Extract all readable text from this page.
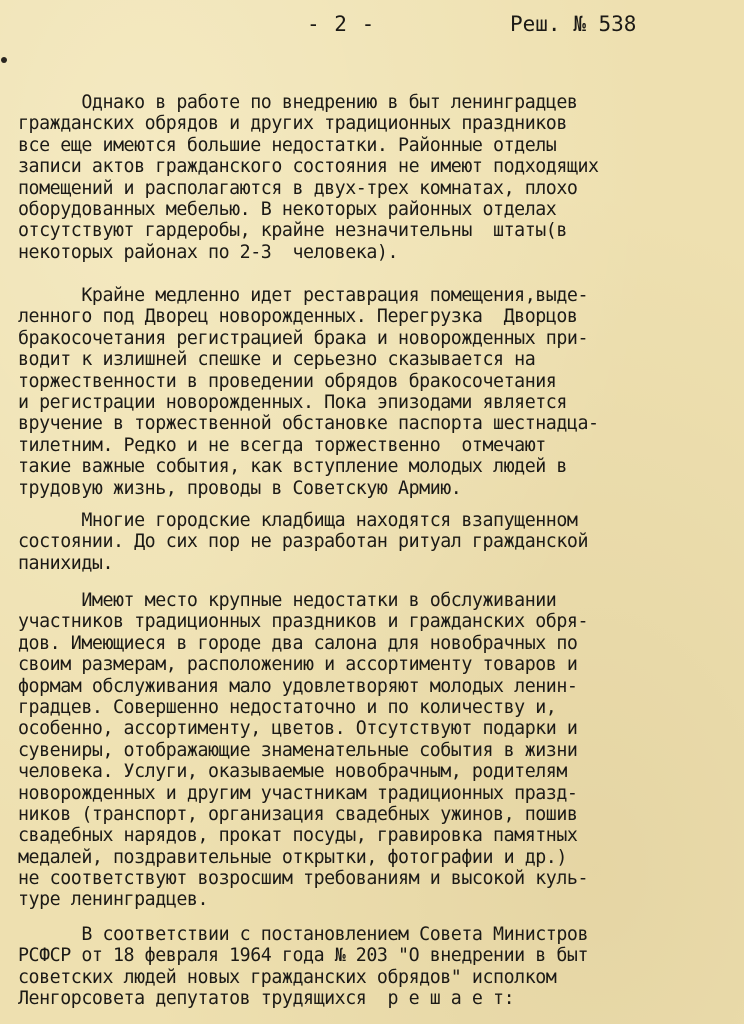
- 2 -	Реш. № 538
Однако в работе по внедрению в быт ленинградцев
гражданских обрядов и других традиционных праздников
все еще имеются большие недостатки. Районные отделы
записи актов гражданского состояния не имеют подходящих
помещений и располагаются в двух-трех комнатах, плохо
оборудованных мебелью. В некоторых районных отделах
отсутствуют гардеробы, крайне незначительны  штаты(в
некоторых районах по 2-3  человека).
Крайне медленно идет реставрация помещения,выде-
ленного под Дворец новорожденных. Перегрузка  Дворцов
бракосочетания регистрацией брака и новорожденных при-
водит к излишней спешке и серьезно сказывается на
торжественности в проведении обрядов бракосочетания
и регистрации новорожденных. Пока эпизодами является
вручение в торжественной обстановке паспорта шестнадца-
тилетним. Редко и не всегда торжественно  отмечают
такие важные события, как вступление молодых людей в
трудовую жизнь, проводы в Советскую Армию.
Многие городские кладбища находятся взапущенном
состоянии. До сих пор не разработан ритуал гражданской
панихиды.
Имеют место крупные недостатки в обслуживании
участников традиционных праздников и гражданских обря-
дов. Имеющиеся в городе два салона для новобрачных по
своим размерам, расположению и ассортименту товаров и
формам обслуживания мало удовлетворяют молодых ленин-
градцев. Совершенно недостаточно и по количеству и,
особенно, ассортименту, цветов. Отсутствуют подарки и
сувениры, отображающие знаменательные события в жизни
человека. Услуги, оказываемые новобрачным, родителям
новорожденных и другим участникам традиционных празд-
ников (транспорт, организация свадебных ужинов, пошив
свадебных нарядов, прокат посуды, гравировка памятных
медалей, поздравительные открытки, фотографии и др.)
не соответствуют возросшим требованиям и высокой куль-
туре ленинградцев.
В соответствии с постановлением Совета Министров
РСФСР от 18 февраля 1964 года № 203 "О внедрении в быт
советских людей новых гражданских обрядов" исполком
Ленгорсовета депутатов трудящихся  р е ш а е т:
